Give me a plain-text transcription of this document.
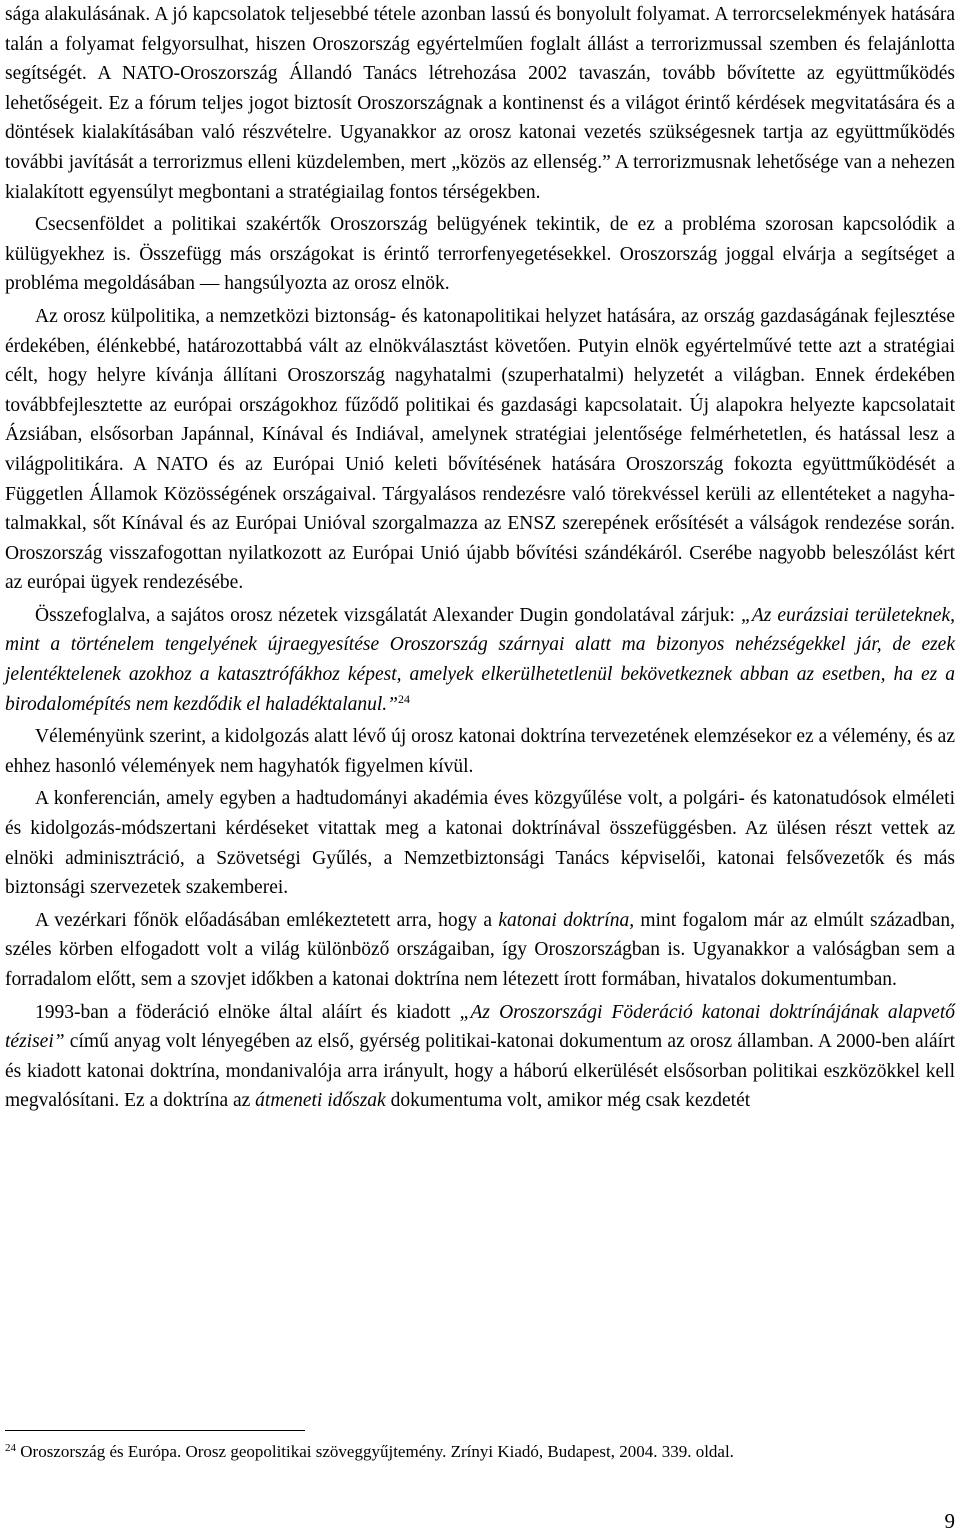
sága alakulásának. A jó kapcsolatok teljesebbé tétele azonban lassú és bonyolult folyamat. A terrorcselekmények hatására talán a folyamat felgyorsulhat, hiszen Oroszország egyértelműen foglalt állást a terrorizmussal szemben és felajánlotta segítségét. A NATO-Oroszország Állandó Tanács létrehozása 2002 tavaszán, tovább bővítette az együttműködés lehetőségeit. Ez a fórum teljes jogot biztosít Oroszországnak a kontinenst és a világot érintő kérdések megvitatására és a döntések kialakításában való részvételre. Ugyanakkor az orosz katonai vezetés szükségesnek tartja az együttműködés további javítását a terrorizmus elleni küzdelemben, mert „közös az ellenség.” A terrorizmusnak lehetősége van a nehezen kialakított egyensúlyt megbontani a stratégiailag fontos térségekben.

Csecsenföldet a politikai szakértők Oroszország belügyének tekintik, de ez a probléma szorosan kapcsolódik a külügyekhez is. Összefügg más országokat is érintő terrorfenyegetésekkel. Oroszország joggal elvárja a segítséget a probléma megoldásában — hangsúlyozta az orosz elnök.

Az orosz külpolitika, a nemzetközi biztonság- és katonapolitikai helyzet hatására, az ország gazdaságának fejlesztése érdekében, élénkebbé, határozottabbá vált az elnökválasztást követően. Putyin elnök egyértelművé tette azt a stratégiai célt, hogy helyre kívánja állítani Oroszország nagyhatalmi (szuperhatalmi) helyzetét a világban. Ennek érdekében továbbfejlesztette az európai országokhoz fűződő politikai és gazdasági kapcsolatait. Új alapokra helyezte kapcsolatait Ázsiában, elsősorban Japánnal, Kínával és Indiával, amelynek stratégiai jelentősége felmérhetetlen, és hatással lesz a világpolitikára. A NATO és az Európai Unió keleti bővítésének hatására Oroszország fokozta együttműködését a Független Államok Közösségének országaival. Tárgyalásos rendezésre való törekvéssel kerüli az ellentéteket a nagyhatalmakkal, sőt Kínával és az Európai Unióval szorgalmazza az ENSZ szerepének erősítését a válságok rendezése során. Oroszország visszafogottan nyilatkozott az Európai Unió újabb bővítési szándékáról. Cserébe nagyobb beleszólást kért az európai ügyek rendezésébe.

Összefoglalva, a sajátos orosz nézetek vizsgálatát Alexander Dugin gondolatával zárjuk: „Az eurázsiai területeknek, mint a történelem tengelyének újraegyesítése Oroszország szárnyai alatt ma bizonyos nehézségekkel jár, de ezek jelentéktelenek azokhoz a katasztrófákhoz képest, amelyek elkerülhetetlenül bekövetkeznek abban az esetben, ha ez a birodalomépítés nem kezdődik el haladéktalanul.”$^{24}$

Véleményünk szerint, a kidolgozás alatt lévő új orosz katonai doktrína tervezetének elemzésekor ez a vélemény, és az ehhez hasonló vélemények nem hagyhatók figyelmen kívül.

A konferencián, amely egyben a hadtudományi akadémia éves közgyűlése volt, a polgári- és katonatudósok elméleti és kidolgozás-módszertani kérdéseket vitattak meg a katonai doktrínával összefüggésben. Az ülésen részt vettek az elnöki adminisztráció, a Szövetségi Gyűlés, a Nemzetbiztonsági Tanács képviselői, katonai felsővezetők és más biztonsági szervezetek szakemberei.

A vezérkari főnök előadásában emlékeztetett arra, hogy a katonai doktrína, mint fogalom már az elmúlt században, széles körben elfogadott volt a világ különböző országaiban, így Oroszországban is. Ugyanakkor a valóságban sem a forradalom előtt, sem a szovjet időkben a katonai doktrína nem létezett írott formában, hivatalos dokumentumban.

1993-ban a föderáció elnöke által aláírt és kiadott „Az Oroszországi Föderáció katonai doktrínájának alapvető tézisei” című anyag volt lényegében az első, gyérség politikai-katonai dokumentum az orosz államban. A 2000-ben aláírt és kiadott katonai doktrína, mondanivalója arra irányult, hogy a háború elkerülését elsősorban politikai eszközökkel kell megvalósítani. Ez a doktrína az átmeneti időszak dokumentuma volt, amikor még csak kezdetét

$^{24}$ Oroszország és Európa. Orosz geopolitikai szöveggyűjtemény. Zrínyi Kiadó, Budapest, 2004. 339. oldal.
9
